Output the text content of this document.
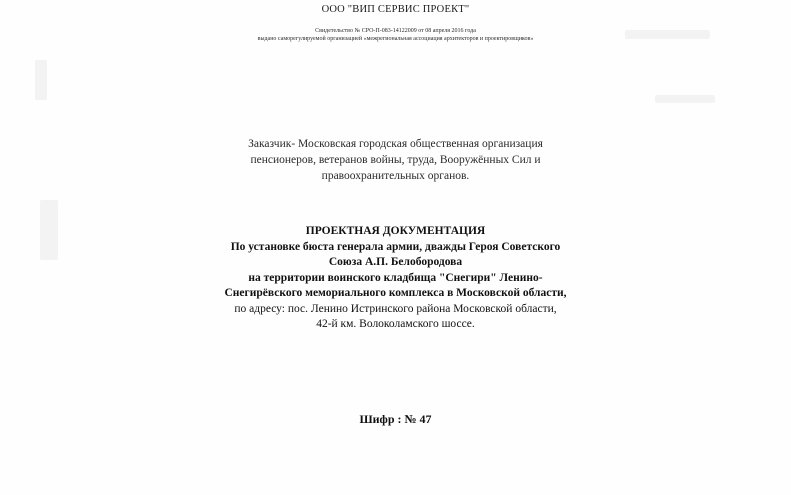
ООО "ВИП СЕРВИС ПРОЕКТ"
Свидетельство № СРО-П-083-14122009 от 08 апреля 2016 года
выдано саморегулируемой организацией «межрегиональная ассоциация архитекторов и проектировщиков»
Заказчик- Московская городская общественная организация
пенсионеров, ветеранов войны, труда, Вооружённых Сил и
правоохранительных органов.
ПРОЕКТНАЯ ДОКУМЕНТАЦИЯ
По установке бюста генерала армии, дважды Героя Советского
Союза А.П. Белобородова
на территории воинского кладбища "Снегири" Ленино-
Снегирёвского мемориального комплекса в Московской области,
по адресу: пос. Ленино Истринского района Московской области,
42-й км. Волоколамского шоссе.
Шифр : № 47
